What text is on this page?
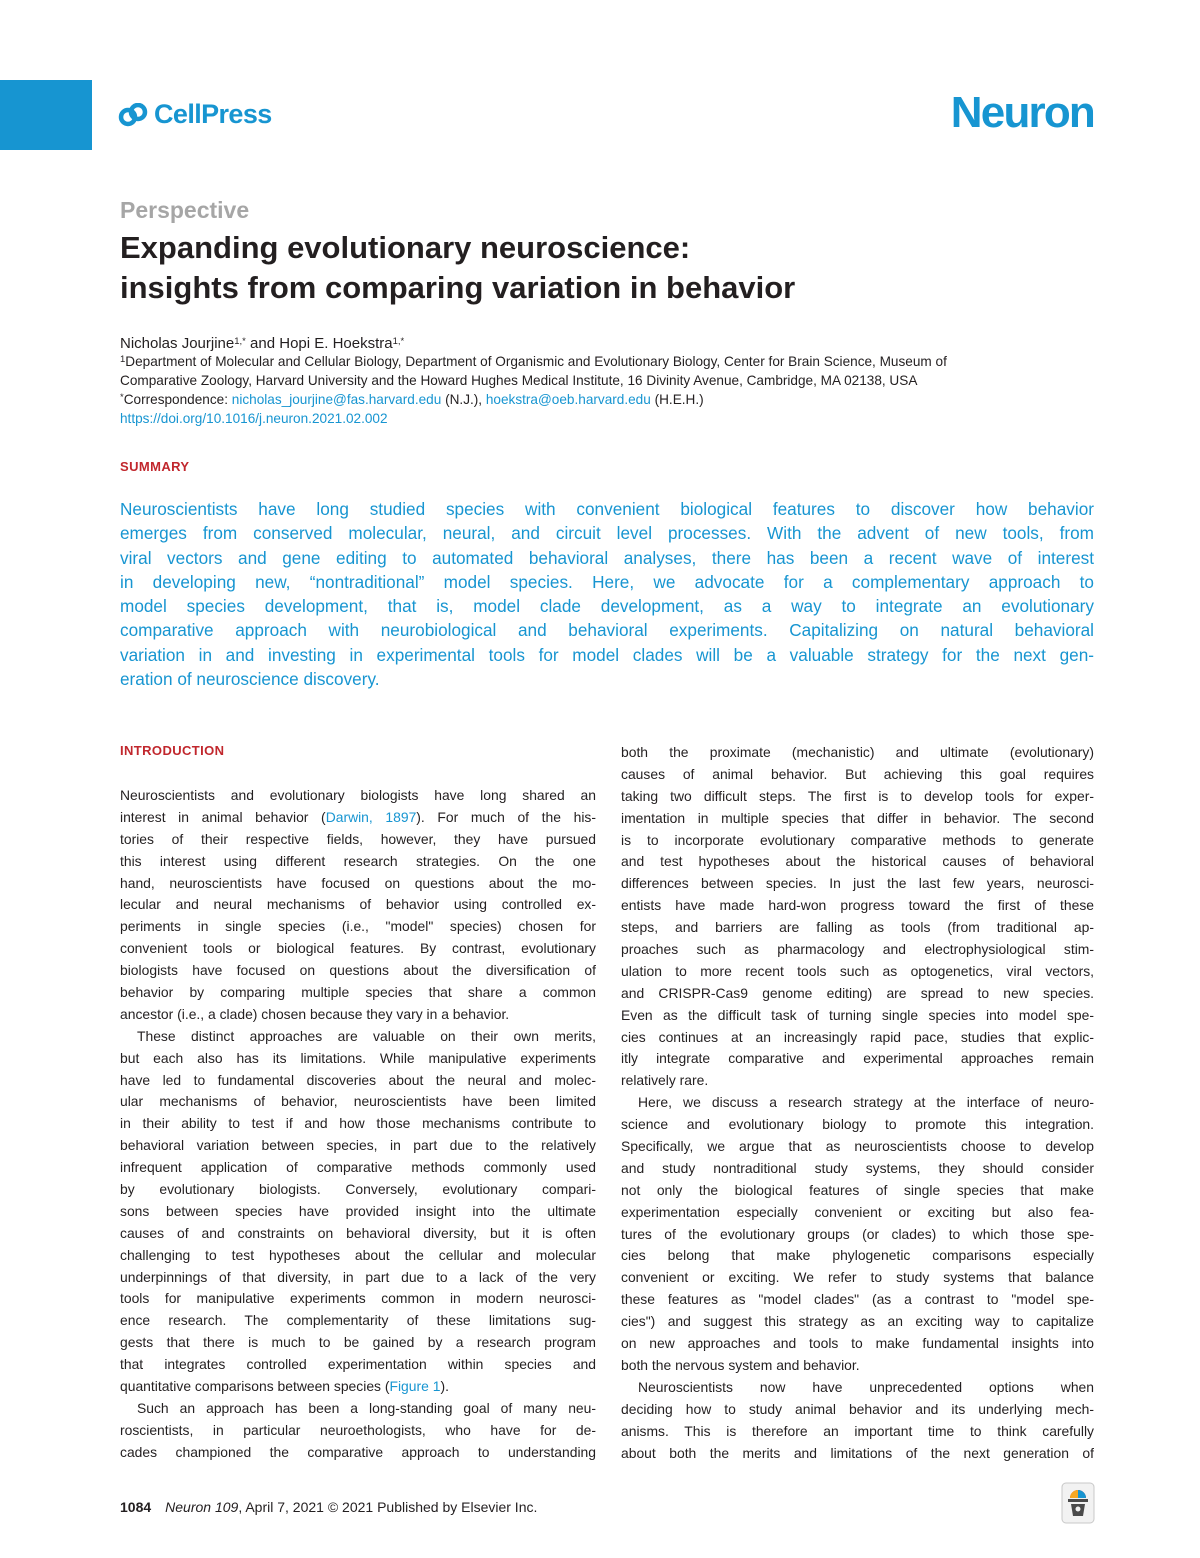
CellPress	Neuron
Perspective
Expanding evolutionary neuroscience:
insights from comparing variation in behavior
Nicholas Jourjine$^{1,*}$ and Hopi E. Hoekstra$^{1,*}$
$^1$Department of Molecular and Cellular Biology, Department of Organismic and Evolutionary Biology, Center for Brain Science, Museum of
Comparative Zoology, Harvard University and the Howard Hughes Medical Institute, 16 Divinity Avenue, Cambridge, MA 02138, USA
*Correspondence: nicholas_jourjine@fas.harvard.edu (N.J.), hoekstra@oeb.harvard.edu (H.E.H.)
https://doi.org/10.1016/j.neuron.2021.02.002
SUMMARY
Neuroscientists have long studied species with convenient biological features to discover how behavior
emerges from conserved molecular, neural, and circuit level processes. With the advent of new tools, from
viral vectors and gene editing to automated behavioral analyses, there has been a recent wave of interest
in developing new, “nontraditional” model species. Here, we advocate for a complementary approach to
model species development, that is, model clade development, as a way to integrate an evolutionary
comparative approach with neurobiological and behavioral experiments. Capitalizing on natural behavioral
variation in and investing in experimental tools for model clades will be a valuable strategy for the next gen-
eration of neuroscience discovery.
INTRODUCTION
Neuroscientists and evolutionary biologists have long shared an
interest in animal behavior (Darwin, 1897). For much of the his-
tories of their respective fields, however, they have pursued
this interest using different research strategies. On the one
hand, neuroscientists have focused on questions about the mo-
lecular and neural mechanisms of behavior using controlled ex-
periments in single species (i.e., "model" species) chosen for
convenient tools or biological features. By contrast, evolutionary
biologists have focused on questions about the diversification of
behavior by comparing multiple species that share a common
ancestor (i.e., a clade) chosen because they vary in a behavior.
These distinct approaches are valuable on their own merits,
but each also has its limitations. While manipulative experiments
have led to fundamental discoveries about the neural and molec-
ular mechanisms of behavior, neuroscientists have been limited
in their ability to test if and how those mechanisms contribute to
behavioral variation between species, in part due to the relatively
infrequent application of comparative methods commonly used
by evolutionary biologists. Conversely, evolutionary compari-
sons between species have provided insight into the ultimate
causes of and constraints on behavioral diversity, but it is often
challenging to test hypotheses about the cellular and molecular
underpinnings of that diversity, in part due to a lack of the very
tools for manipulative experiments common in modern neurosci-
ence research. The complementarity of these limitations sug-
gests that there is much to be gained by a research program
that integrates controlled experimentation within species and
quantitative comparisons between species (Figure 1).
Such an approach has been a long-standing goal of many neu-
roscientists, in particular neuroethologists, who have for de-
cades championed the comparative approach to understanding
both the proximate (mechanistic) and ultimate (evolutionary)
causes of animal behavior. But achieving this goal requires
taking two difficult steps. The first is to develop tools for exper-
imentation in multiple species that differ in behavior. The second
is to incorporate evolutionary comparative methods to generate
and test hypotheses about the historical causes of behavioral
differences between species. In just the last few years, neurosci-
entists have made hard-won progress toward the first of these
steps, and barriers are falling as tools (from traditional ap-
proaches such as pharmacology and electrophysiological stim-
ulation to more recent tools such as optogenetics, viral vectors,
and CRISPR-Cas9 genome editing) are spread to new species.
Even as the difficult task of turning single species into model spe-
cies continues at an increasingly rapid pace, studies that explic-
itly integrate comparative and experimental approaches remain
relatively rare.
Here, we discuss a research strategy at the interface of neuro-
science and evolutionary biology to promote this integration.
Specifically, we argue that as neuroscientists choose to develop
and study nontraditional study systems, they should consider
not only the biological features of single species that make
experimentation especially convenient or exciting but also fea-
tures of the evolutionary groups (or clades) to which those spe-
cies belong that make phylogenetic comparisons especially
convenient or exciting. We refer to study systems that balance
these features as "model clades" (as a contrast to "model spe-
cies") and suggest this strategy as an exciting way to capitalize
on new approaches and tools to make fundamental insights into
both the nervous system and behavior.
Neuroscientists now have unprecedented options when
deciding how to study animal behavior and its underlying mech-
anisms. This is therefore an important time to think carefully
about both the merits and limitations of the next generation of
1084 Neuron 109, April 7, 2021 © 2021 Published by Elsevier Inc.
